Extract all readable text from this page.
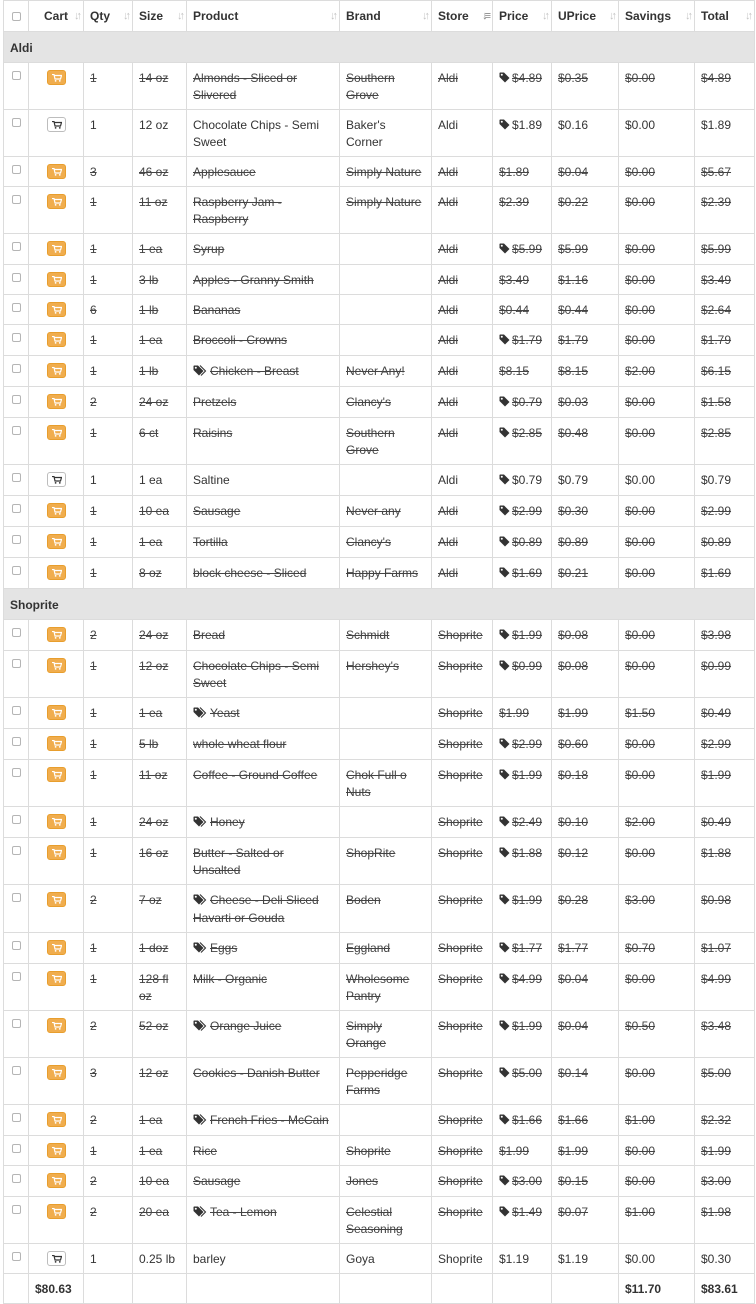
	Cart ↓↑	Qty ↓↑	Size ↓↑	Product ↓↑	Brand ↓↑	Store ↓≡	Price ↓↑	UPrice ↓↑	Savings ↓↑	Total ↓↑

Aldi										

	1	14 oz	Almonds - Sliced or Slivered	Southern Grove	Aldi	$4.89	$0.35	$0.00	$4.89

	1	12 oz	Chocolate Chips - Semi Sweet	Baker's Corner	Aldi	$1.89	$0.16	$0.00	$1.89

	3	46 oz	Applesauce	Simply Nature	Aldi	$1.89	$0.04	$0.00	$5.67

	1	11 oz	Raspberry Jam - Raspberry	Simply Nature	Aldi	$2.39	$0.22	$0.00	$2.39

	1	1 ea	Syrup		Aldi	$5.99	$5.99	$0.00	$5.99

	1	3 lb	Apples - Granny Smith		Aldi	$3.49	$1.16	$0.00	$3.49

	6	1 lb	Bananas		Aldi	$0.44	$0.44	$0.00	$2.64

	1	1 ea	Broccoli - Crowns		Aldi	$1.79	$1.79	$0.00	$1.79

	1	1 lb	Chicken - Breast	Never Any!	Aldi	$8.15	$8.15	$2.00	$6.15

	2	24 oz	Pretzels	Clancy's	Aldi	$0.79	$0.03	$0.00	$1.58

	1	6 ct	Raisins	Southern Grove	Aldi	$2.85	$0.48	$0.00	$2.85

	1	1 ea	Saltine		Aldi	$0.79	$0.79	$0.00	$0.79

	1	10 ea	Sausage	Never any	Aldi	$2.99	$0.30	$0.00	$2.99

	1	1 ea	Tortilla	Clancy's	Aldi	$0.89	$0.89	$0.00	$0.89

	1	8 oz	block cheese - Sliced	Happy Farms	Aldi	$1.69	$0.21	$0.00	$1.69
Shoprite										

	2	24 oz	Bread	Schmidt	Shoprite	$1.99	$0.08	$0.00	$3.98

	1	12 oz	Chocolate Chips - Semi Sweet	Hershey's	Shoprite	$0.99	$0.08	$0.00	$0.99

	1	1 ea	Yeast		Shoprite	$1.99	$1.99	$1.50	$0.49

	1	5 lb	whole wheat flour		Shoprite	$2.99	$0.60	$0.00	$2.99

	1	11 oz	Coffee - Ground Coffee	Chok Full o Nuts	Shoprite	$1.99	$0.18	$0.00	$1.99

	1	24 oz	Honey		Shoprite	$2.49	$0.10	$2.00	$0.49

	1	16 oz	Butter - Salted or Unsalted	ShopRite	Shoprite	$1.88	$0.12	$0.00	$1.88

	2	7 oz	Cheese - Deli Sliced Havarti or Gouda	Boden	Shoprite	$1.99	$0.28	$3.00	$0.98

	1	1 doz	Eggs	Eggland	Shoprite	$1.77	$1.77	$0.70	$1.07

	1	128 fl oz	Milk - Organic	Wholesome Pantry	Shoprite	$4.99	$0.04	$0.00	$4.99

	2	52 oz	Orange Juice	Simply Orange	Shoprite	$1.99	$0.04	$0.50	$3.48

	3	12 oz	Cookies - Danish Butter	Pepperidge Farms	Shoprite	$5.00	$0.14	$0.00	$5.00

	2	1 ea	French Fries - McCain		Shoprite	$1.66	$1.66	$1.00	$2.32

	1	1 ea	Rice	Shoprite	Shoprite	$1.99	$1.99	$0.00	$1.99

	2	10 ea	Sausage	Jones	Shoprite	$3.00	$0.15	$0.00	$3.00

	2	20 ea	Tea - Lemon	Celestial Seasoning	Shoprite	$1.49	$0.07	$1.00	$1.98

	1	0.25 lb	barley	Goya	Shoprite	$1.19	$1.19	$0.00	$0.30
	$80.63								$11.70	$83.61
